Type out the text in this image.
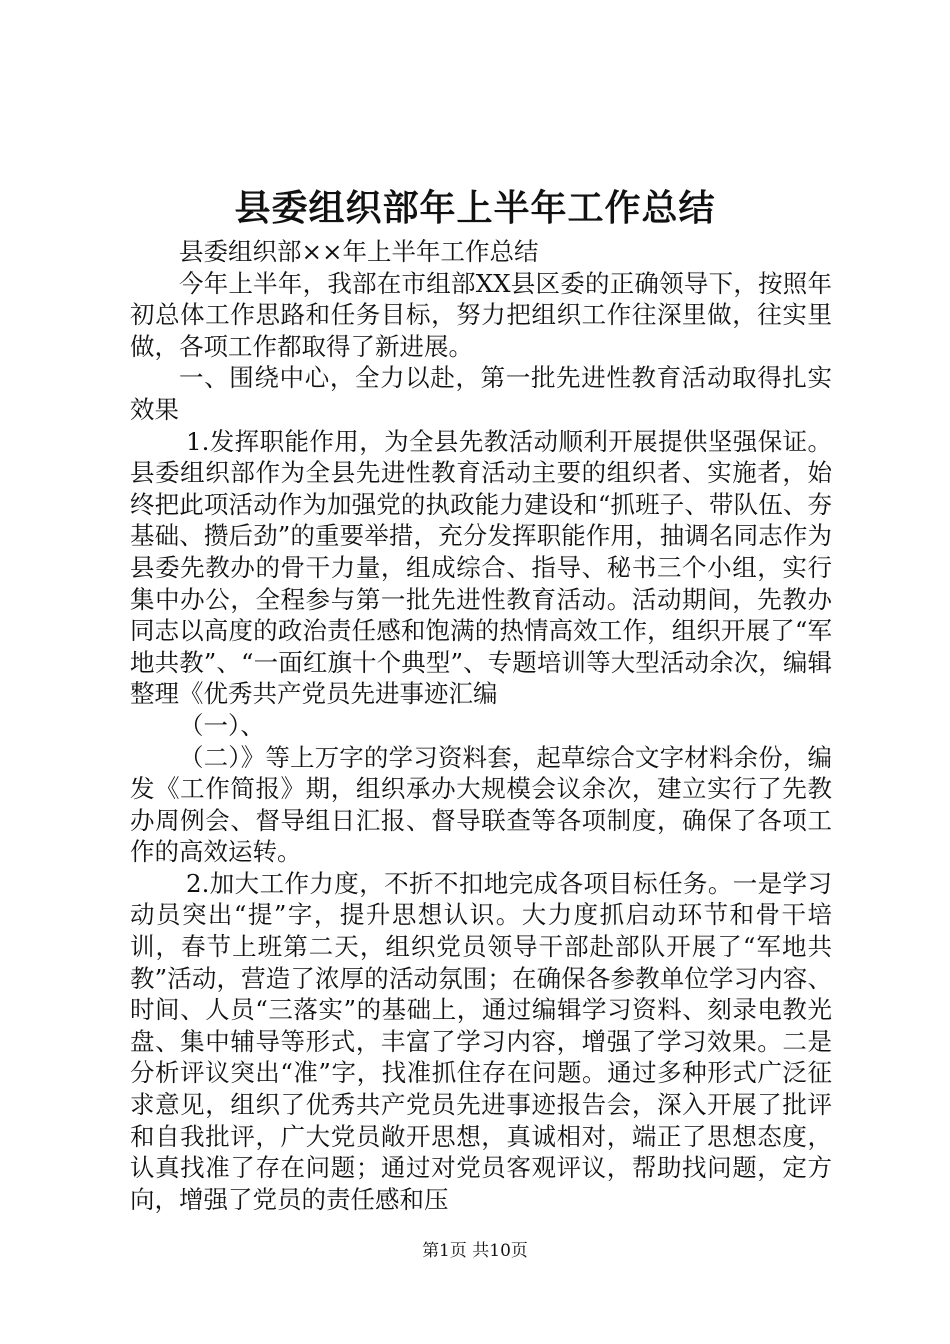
县委组织部年上半年工作总结

县委组织部××年上半年工作总结

今年上半年，我部在市组部XX县区委的正确领导下，按照年初总体工作思路和任务目标，努力把组织工作往深里做，往实里做，各项工作都取得了新进展。

一、围绕中心，全力以赴，第一批先进性教育活动取得扎实效果

1.发挥职能作用，为全县先教活动顺利开展提供坚强保证。县委组织部作为全县先进性教育活动主要的组织者、实施者，始终把此项活动作为加强党的执政能力建设和“抓班子、带队伍、夯基础、攒后劲”的重要举措，充分发挥职能作用，抽调名同志作为县委先教办的骨干力量，组成综合、指导、秘书三个小组，实行集中办公，全程参与第一批先进性教育活动。活动期间，先教办同志以高度的政治责任感和饱满的热情高效工作，组织开展了“军地共教”、“一面红旗十个典型”、专题培训等大型活动余次，编辑整理《优秀共产党员先进事迹汇编

（一）、

（二）》等上万字的学习资料套，起草综合文字材料余份，编发《工作简报》期，组织承办大规模会议余次，建立实行了先教办周例会、督导组日汇报、督导联查等各项制度，确保了各项工作的高效运转。

2.加大工作力度，不折不扣地完成各项目标任务。一是学习动员突出“提”字，提升思想认识。大力度抓启动环节和骨干培训，春节上班第二天，组织党员领导干部赴部队开展了“军地共教”活动，营造了浓厚的活动氛围；在确保各参教单位学习内容、时间、人员“三落实”的基础上，通过编辑学习资料、刻录电教光盘、集中辅导等形式，丰富了学习内容，增强了学习效果。二是分析评议突出“准”字，找准抓住存在问题。通过多种形式广泛征求意见，组织了优秀共产党员先进事迹报告会，深入开展了批评和自我批评，广大党员敞开思想，真诚相对，端正了思想态度，认真找准了存在问题；通过对党员客观评议，帮助找问题，定方向，增强了党员的责任感和压

第1页 共10页
